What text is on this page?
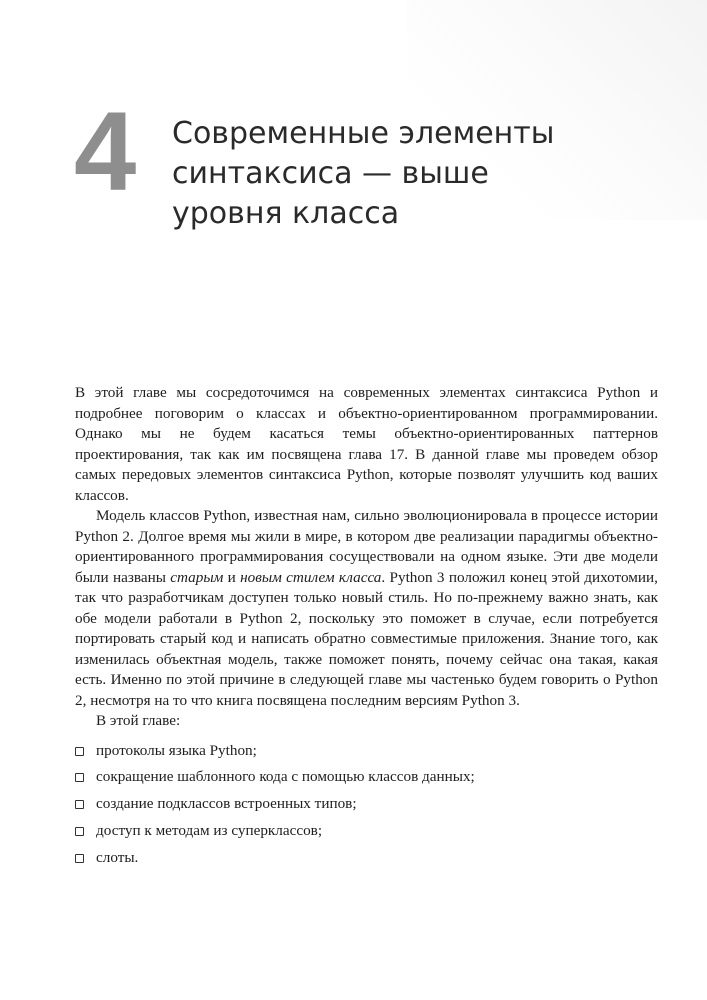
4 Современные элементы
синтаксиса — выше
уровня класса

В этой главе мы сосредоточимся на современных элементах синтаксиса Python и подробнее поговорим о классах и объектно-ориентированном программировании. Однако мы не будем касаться темы объектно-ориентированных паттернов проектирования, так как им посвящена глава 17. В данной главе мы проведем обзор самых передовых элементов синтаксиса Python, которые позволят улучшить код ваших классов.

Модель классов Python, известная нам, сильно эволюционировала в процессе истории Python 2. Долгое время мы жили в мире, в котором две реализации парадигмы объектно-ориентированного программирования сосуществовали на одном языке. Эти две модели были названы старым и новым стилем класса. Python 3 положил конец этой дихотомии, так что разработчикам доступен только новый стиль. Но по-прежнему важно знать, как обе модели работали в Python 2, поскольку это поможет в случае, если потребуется портировать старый код и написать обратно совместимые приложения. Знание того, как изменилась объектная модель, также поможет понять, почему сейчас она такая, какая есть. Именно по этой причине в следующей главе мы частенько будем говорить о Python 2, несмотря на то что книга посвящена последним версиям Python 3.

В этой главе:

протоколы языка Python;
сокращение шаблонного кода с помощью классов данных;
создание подклассов встроенных типов;
доступ к методам из суперклассов;
слоты.
